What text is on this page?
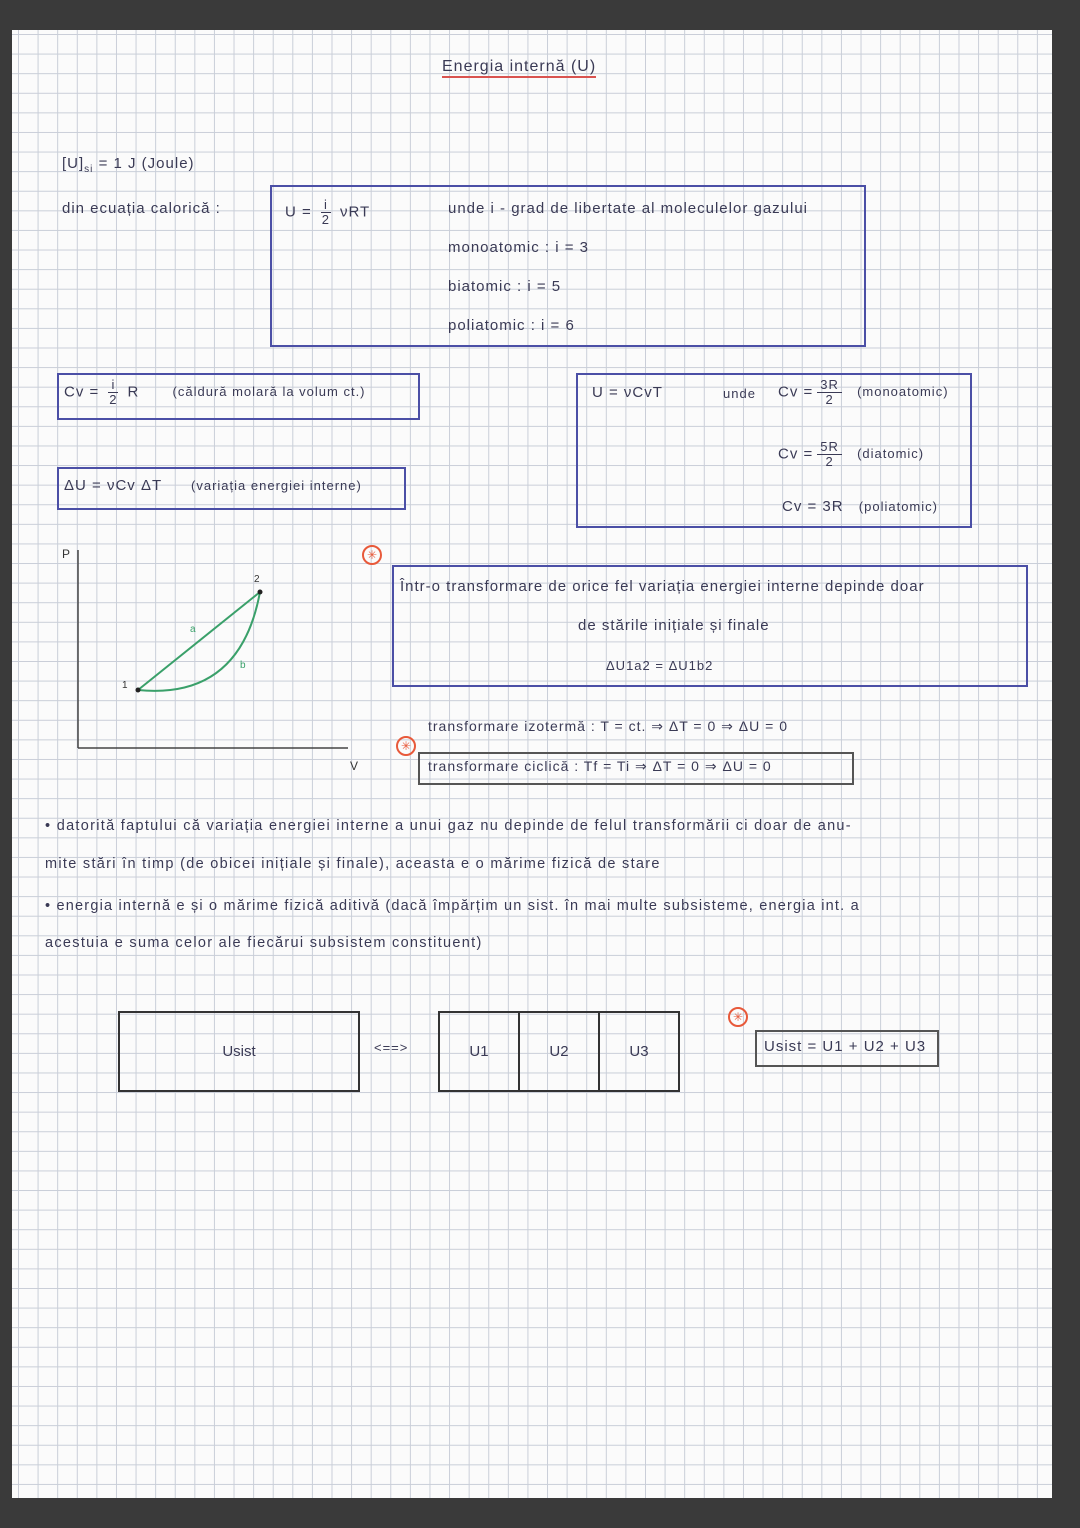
Energia internă (U)
$[U]_{si} = 1$ J (Joule)
din ecuația calorică :	$U = \frac{i}{2}$ νRT	unde i - grad de libertate al moleculelor gazului
monoatomic : i = 3
biatomic : i = 5
poliatomic : i = 6
$Cv = \frac{i}{2}$ R	(căldură molară la volum ct.)
ΔU = νCv ΔT (variația energiei interne)
U = νCvT	unde $Cv = \frac{3R}{2}$ (monoatomic)
$Cv = \frac{5R}{2}$ (diatomic)
Cv = 3R (poliatomic)
P
V
1
2
a
b
✳
Într-o transformare de orice fel variația energiei interne depinde doar
de stările inițiale și finale
ΔU1a2 = ΔU1b2
transformare izotermă : T = ct. ⇒ ΔT = 0 ⇒ ΔU = 0
✳
transformare ciclică : Tf = Ti ⇒ ΔT = 0 ⇒ ΔU = 0
• datorită faptului că variația energiei interne a unui gaz nu depinde de felul transformării ci doar de anu-
mite stări în timp (de obicei inițiale și finale), aceasta e o mărime fizică de stare
• energia internă e și o mărime fizică aditivă (dacă împărțim un sist. în mai multe subsisteme, energia int. a
acestuia e suma celor ale fiecărui subsistem constituent)
Usist	<==>	U1	U2	U3
✳
Usist = U1 + U2 + U3
